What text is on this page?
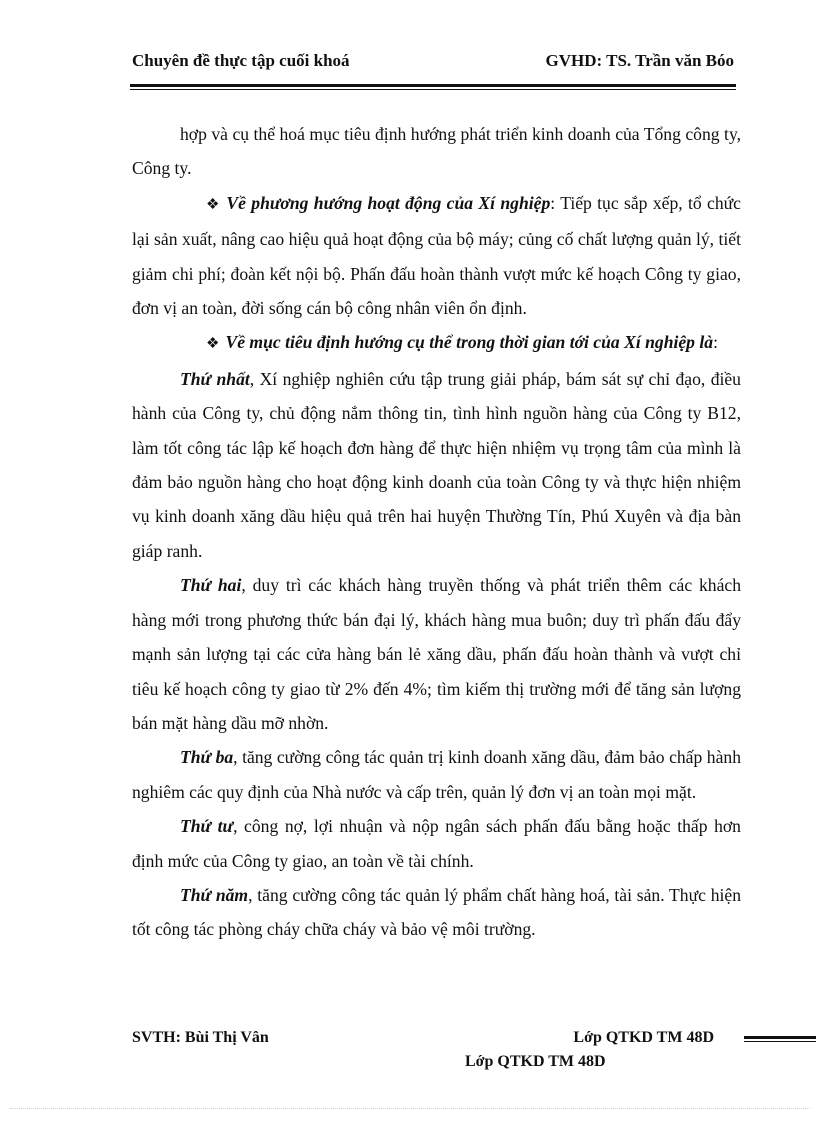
Chuyên đề thực tập cuối khoá	GVHD: TS. Trần văn Bóo

hợp và cụ thể hoá mục tiêu định hướng phát triển kinh doanh của Tổng công ty, Công ty.

❖ Về phương hướng hoạt động của Xí nghiệp: Tiếp tục sắp xếp, tổ chức lại sản xuất, nâng cao hiệu quả hoạt động của bộ máy; củng cố chất lượng quản lý, tiết giảm chi phí; đoàn kết nội bộ. Phấn đấu hoàn thành vượt mức kế hoạch Công ty giao, đơn vị an toàn, đời sống cán bộ công nhân viên ổn định.

❖ Về mục tiêu định hướng cụ thể trong thời gian tới của Xí nghiệp là:

Thứ nhất, Xí nghiệp nghiên cứu tập trung giải pháp, bám sát sự chỉ đạo, điều hành của Công ty, chủ động nắm thông tin, tình hình nguồn hàng của Công ty B12, làm tốt công tác lập kế hoạch đơn hàng để thực hiện nhiệm vụ trọng tâm của mình là đảm bảo nguồn hàng cho hoạt động kinh doanh của toàn Công ty và thực hiện nhiệm vụ kinh doanh xăng dầu hiệu quả trên hai huyện Thường Tín, Phú Xuyên và địa bàn giáp ranh.

Thứ hai, duy trì các khách hàng truyền thống và phát triển thêm các khách hàng mới trong phương thức bán đại lý, khách hàng mua buôn; duy trì phấn đấu đẩy mạnh sản lượng tại các cửa hàng bán lẻ xăng dầu, phấn đấu hoàn thành và vượt chỉ tiêu kế hoạch công ty giao từ 2% đến 4%; tìm kiếm thị trường mới để tăng sản lượng bán mặt hàng dầu mỡ nhờn.

Thứ ba, tăng cường công tác quản trị kinh doanh xăng dầu, đảm bảo chấp hành nghiêm các quy định của Nhà nước và cấp trên, quản lý đơn vị an toàn mọi mặt.

Thứ tư, công nợ, lợi nhuận và nộp ngân sách phấn đấu bằng hoặc thấp hơn định mức của Công ty giao, an toàn về tài chính.

Thứ năm, tăng cường công tác quản lý phẩm chất hàng hoá, tài sản. Thực hiện tốt công tác phòng cháy chữa cháy và bảo vệ môi trường.

SVTH: Bùi Thị Vân	Lớp QTKD TM 48D
Lớp QTKD TM 48D
